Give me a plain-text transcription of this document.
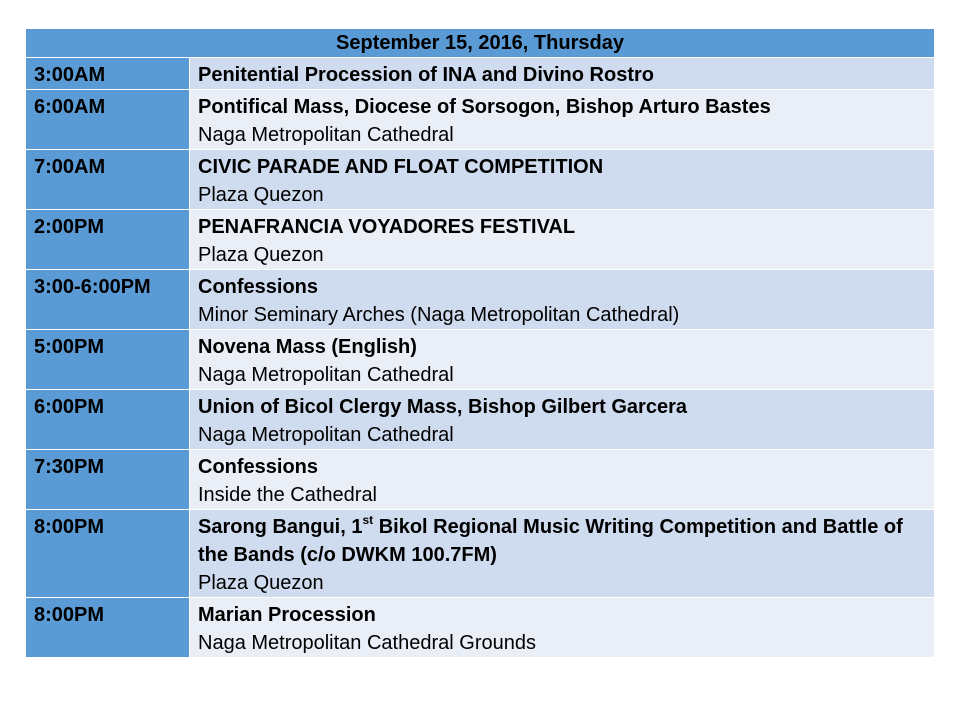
September 15, 2016, Thursday	
3:00AM	Penitential Procession of INA and Divino Rostro

6:00AM	Pontifical Mass, Diocese of Sorsogon, Bishop Arturo Bastes
Naga Metropolitan Cathedral

7:00AM	CIVIC PARADE AND FLOAT COMPETITION
Plaza Quezon

2:00PM	PENAFRANCIA VOYADORES FESTIVAL
Plaza Quezon

3:00-6:00PM	Confessions
Minor Seminary Arches (Naga Metropolitan Cathedral)

5:00PM	Novena Mass (English)
Naga Metropolitan Cathedral

6:00PM	Union of Bicol Clergy Mass, Bishop Gilbert Garcera
Naga Metropolitan Cathedral

7:30PM	Confessions
Inside the Cathedral

8:00PM	Sarong Bangui, 1st Bikol Regional Music Writing Competition and Battle of the Bands (c/o DWKM 100.7FM)
Plaza Quezon

8:00PM	Marian Procession
Naga Metropolitan Cathedral Grounds
